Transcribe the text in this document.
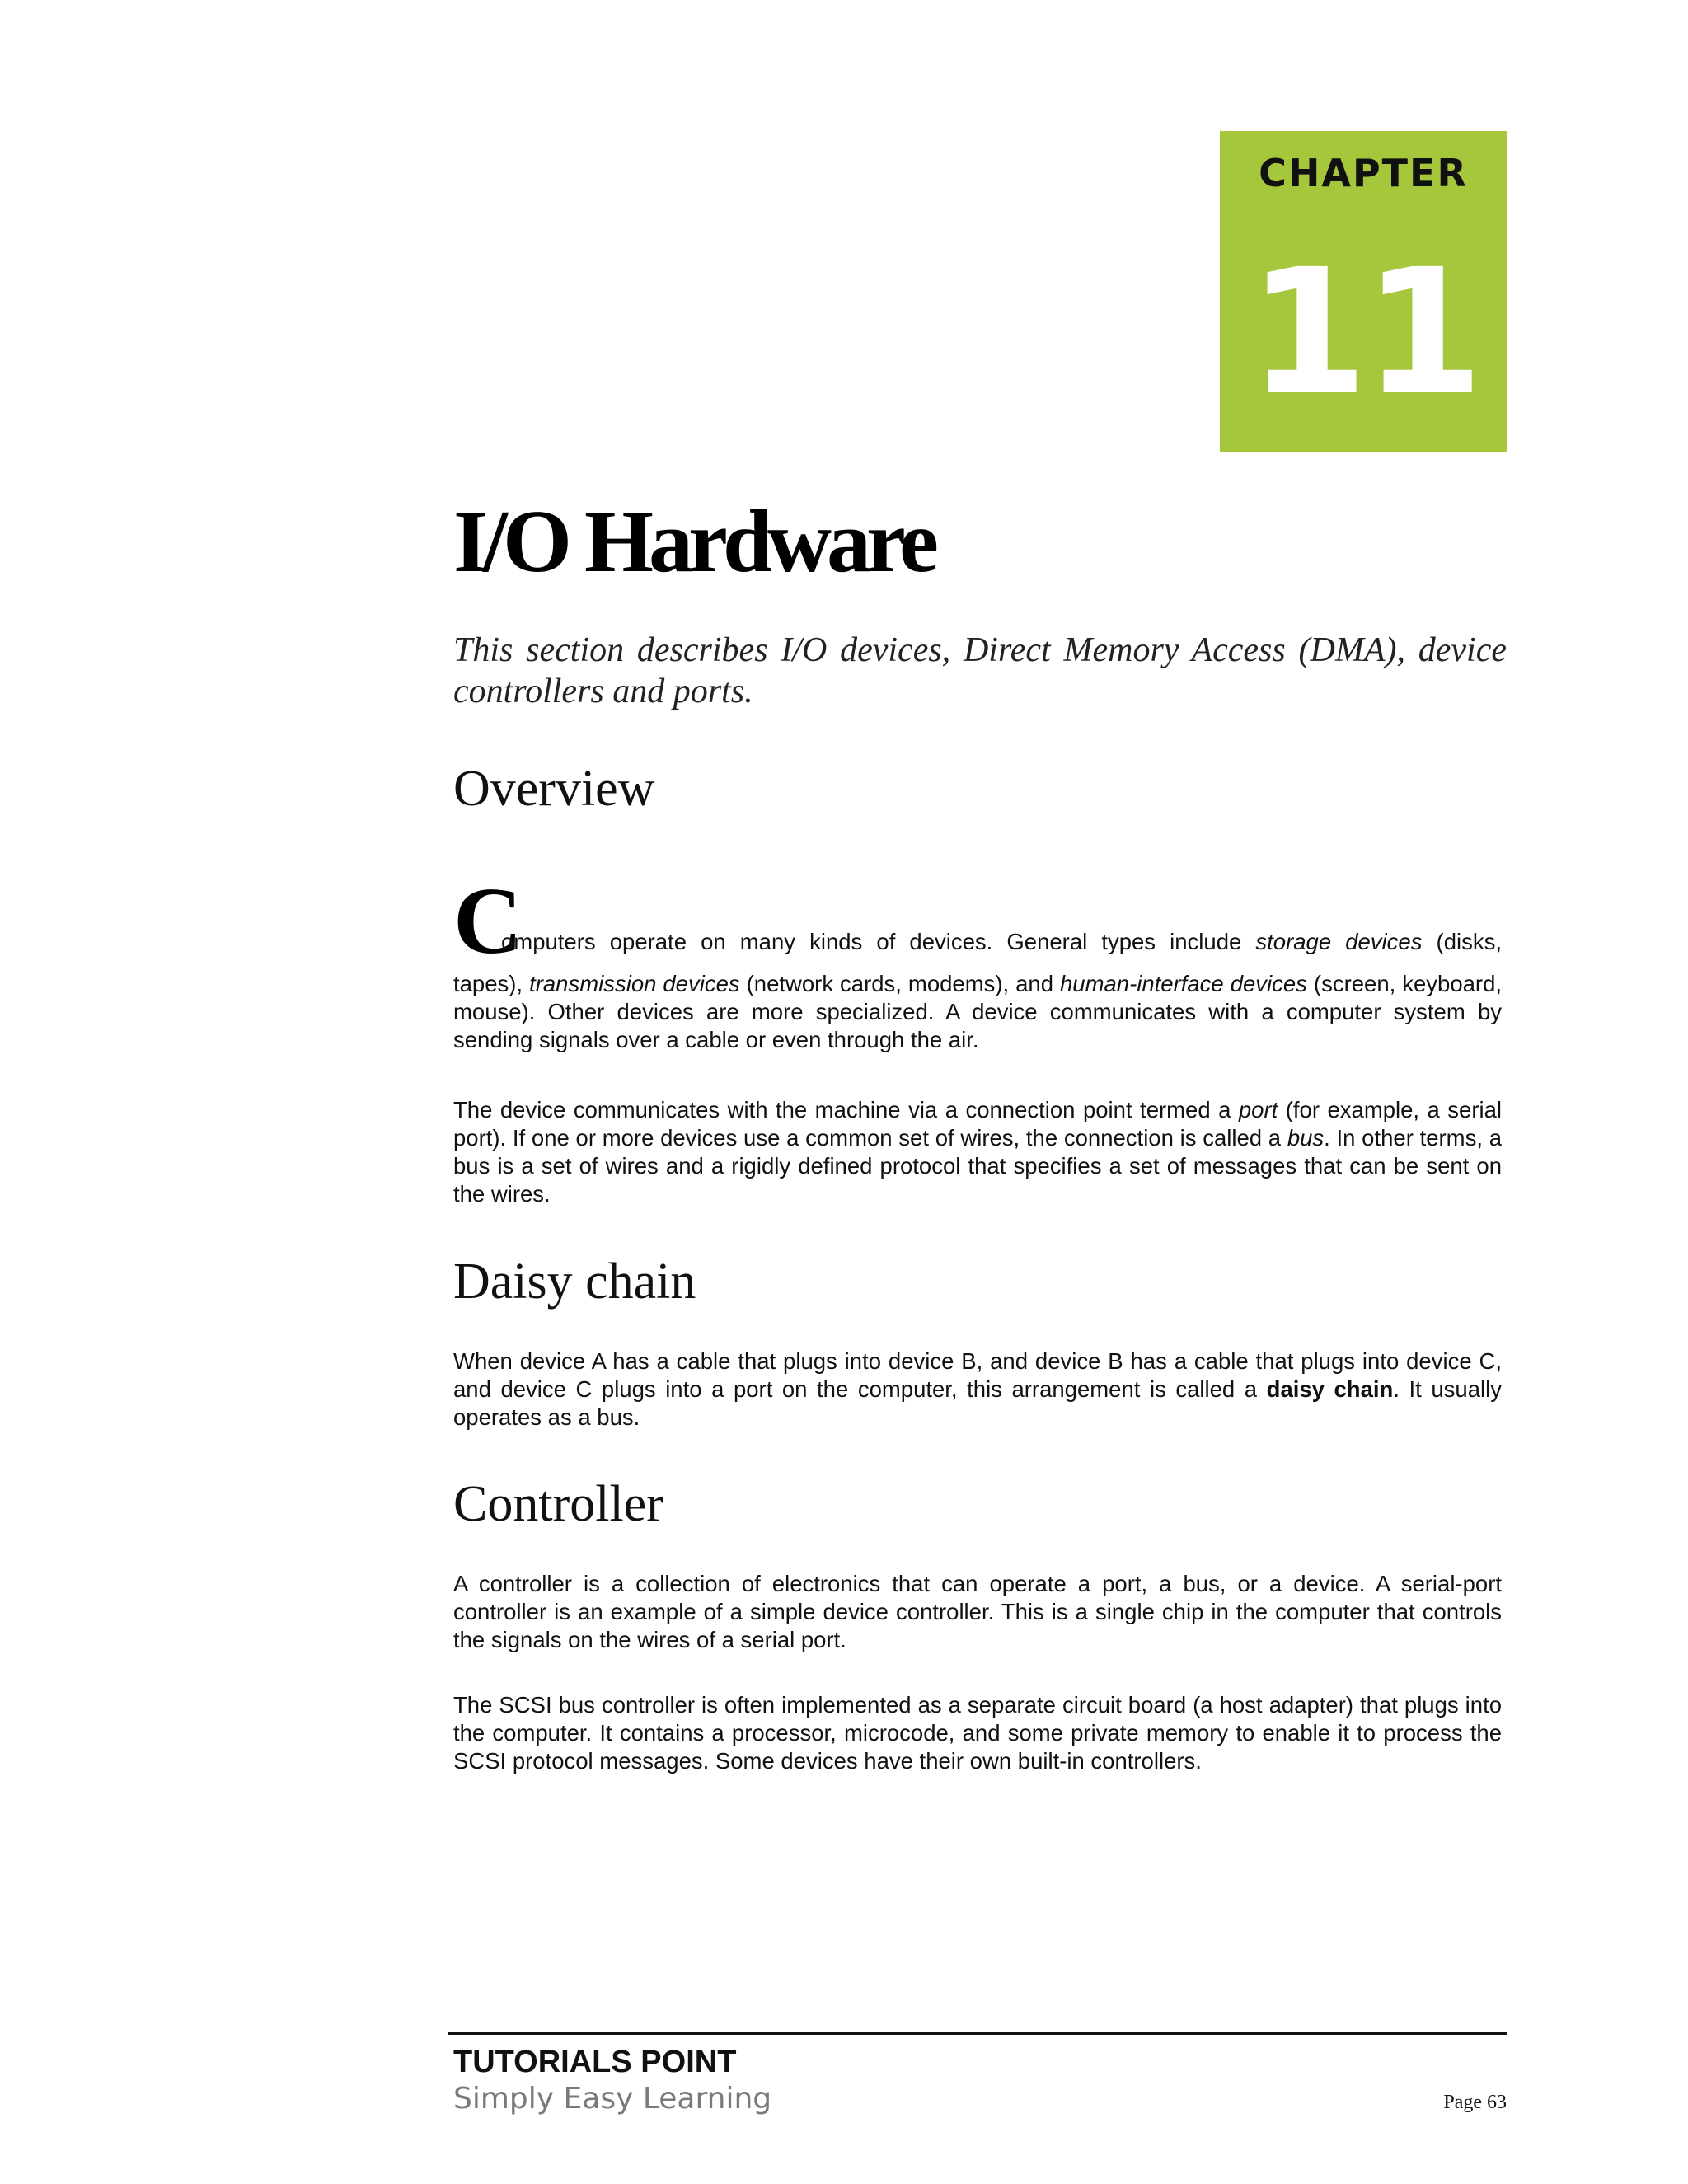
CHAPTER
11
I/O Hardware

This section describes I/O devices, Direct Memory Access (DMA), device controllers and ports.

Overview
C

omputers operate on many kinds of devices. General types include storage devices (disks,

tapes), transmission devices (network cards, modems), and human-interface devices (screen, keyboard, mouse). Other devices are more specialized. A device communicates with a computer system by sending signals over a cable or even through the air.

The device communicates with the machine via a connection point termed a port (for example, a serial port). If one or more devices use a common set of wires, the connection is called a bus. In other terms, a bus is a set of wires and a rigidly defined protocol that specifies a set of messages that can be sent on the wires.

Daisy chain

When device A has a cable that plugs into device B, and device B has a cable that plugs into device C, and device C plugs into a port on the computer, this arrangement is called a daisy chain. It usually operates as a bus.

Controller

A controller is a collection of electronics that can operate a port, a bus, or a device. A serial-port controller is an example of a simple device controller. This is a single chip in the computer that controls the signals on the wires of a serial port.

The SCSI bus controller is often implemented as a separate circuit board (a host adapter) that plugs into the computer. It contains a processor, microcode, and some private memory to enable it to process the SCSI protocol messages. Some devices have their own built-in controllers.

TUTORIALS POINT
Simply Easy Learning	Page 63
